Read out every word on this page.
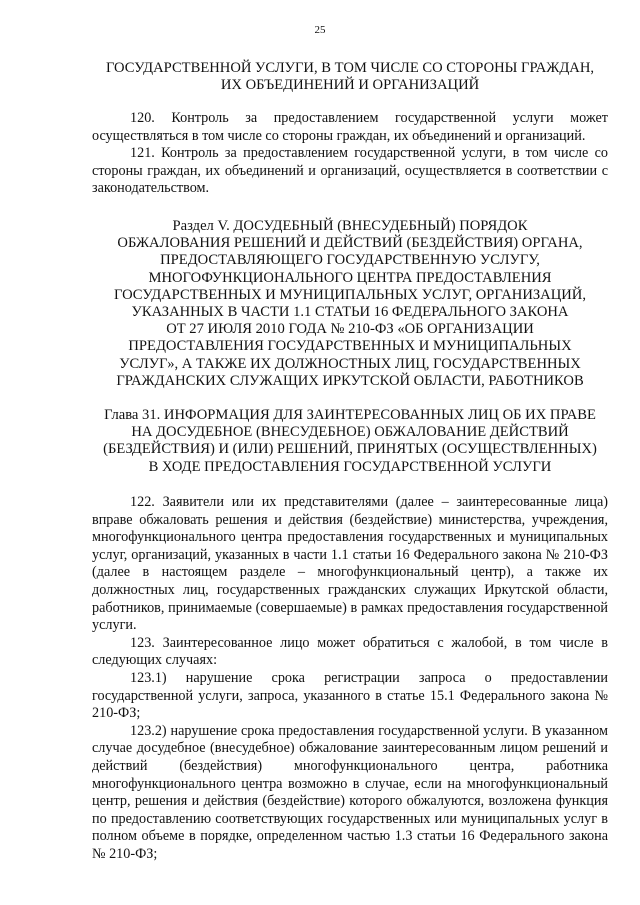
25
ГОСУДАРСТВЕННОЙ УСЛУГИ, В ТОМ ЧИСЛЕ СО СТОРОНЫ ГРАЖДАН,
ИХ ОБЪЕДИНЕНИЙ И ОРГАНИЗАЦИЙ

120. Контроль за предоставлением государственной услуги может осуществляться в том числе со стороны граждан, их объединений и организаций.

121. Контроль за предоставлением государственной услуги, в том числе со стороны граждан, их объединений и организаций, осуществляется в соответствии с законодательством.

Раздел V. ДОСУДЕБНЫЙ (ВНЕСУДЕБНЫЙ) ПОРЯДОК
ОБЖАЛОВАНИЯ РЕШЕНИЙ И ДЕЙСТВИЙ (БЕЗДЕЙСТВИЯ) ОРГАНА,
ПРЕДОСТАВЛЯЮЩЕГО ГОСУДАРСТВЕННУЮ УСЛУГУ,
МНОГОФУНКЦИОНАЛЬНОГО ЦЕНТРА ПРЕДОСТАВЛЕНИЯ
ГОСУДАРСТВЕННЫХ И МУНИЦИПАЛЬНЫХ УСЛУГ, ОРГАНИЗАЦИЙ,
УКАЗАННЫХ В ЧАСТИ 1.1 СТАТЬИ 16 ФЕДЕРАЛЬНОГО ЗАКОНА
ОТ 27 ИЮЛЯ 2010 ГОДА № 210-ФЗ «ОБ ОРГАНИЗАЦИИ
ПРЕДОСТАВЛЕНИЯ ГОСУДАРСТВЕННЫХ И МУНИЦИПАЛЬНЫХ
УСЛУГ», А ТАКЖЕ ИХ ДОЛЖНОСТНЫХ ЛИЦ, ГОСУДАРСТВЕННЫХ
ГРАЖДАНСКИХ СЛУЖАЩИХ ИРКУТСКОЙ ОБЛАСТИ, РАБОТНИКОВ
Глава 31. ИНФОРМАЦИЯ ДЛЯ ЗАИНТЕРЕСОВАННЫХ ЛИЦ ОБ ИХ ПРАВЕ
НА ДОСУДЕБНОЕ (ВНЕСУДЕБНОЕ) ОБЖАЛОВАНИЕ ДЕЙСТВИЙ
(БЕЗДЕЙСТВИЯ) И (ИЛИ) РЕШЕНИЙ, ПРИНЯТЫХ (ОСУЩЕСТВЛЕННЫХ)
В ХОДЕ ПРЕДОСТАВЛЕНИЯ ГОСУДАРСТВЕННОЙ УСЛУГИ

122. Заявители или их представителями (далее – заинтересованные лица) вправе обжаловать решения и действия (бездействие) министерства, учреждения, многофункционального центра предоставления государственных и муниципальных услуг, организаций, указанных в части 1.1 статьи 16 Федерального закона № 210-ФЗ (далее в настоящем разделе – многофункциональный центр), а также их должностных лиц, государственных гражданских служащих Иркутской области, работников, принимаемые (совершаемые) в рамках предоставления государственной услуги.

123. Заинтересованное лицо может обратиться с жалобой, в том числе в следующих случаях:

123.1) нарушение срока регистрации запроса о предоставлении государственной услуги, запроса, указанного в статье 15.1 Федерального закона № 210-ФЗ;

123.2) нарушение срока предоставления государственной услуги. В указанном случае досудебное (внесудебное) обжалование заинтересованным лицом решений и действий (бездействия) многофункционального центра, работника многофункционального центра возможно в случае, если на многофункциональный центр, решения и действия (бездействие) которого обжалуются, возложена функция по предоставлению соответствующих государственных или муниципальных услуг в полном объеме в порядке, определенном частью 1.3 статьи 16 Федерального закона № 210-ФЗ;
